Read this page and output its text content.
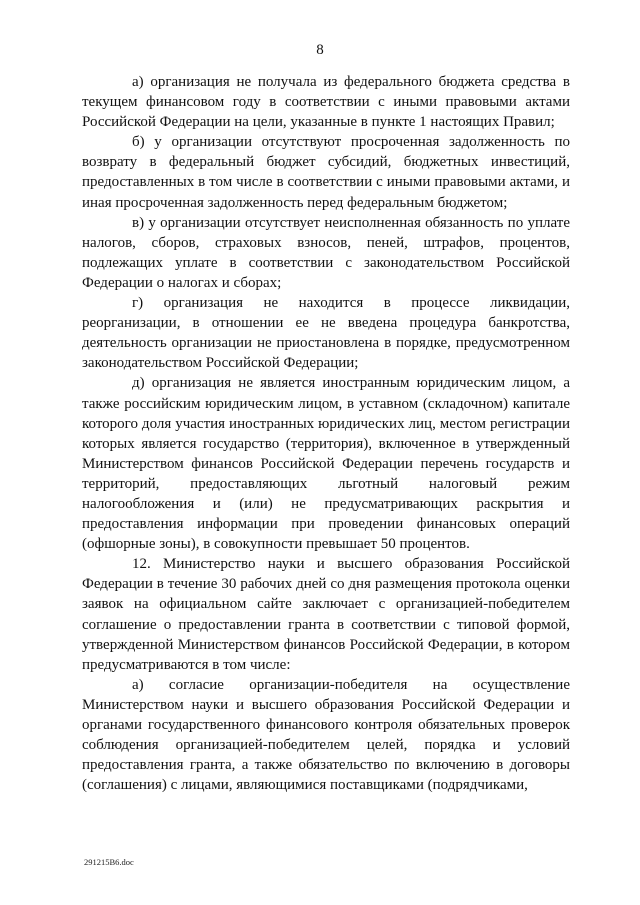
8

а) организация не получала из федерального бюджета средства в текущем финансовом году в соответствии с иными правовыми актами Российской Федерации на цели, указанные в пункте 1 настоящих Правил;

б) у организации отсутствуют просроченная задолженность по возврату в федеральный бюджет субсидий, бюджетных инвестиций, предоставленных в том числе в соответствии с иными правовыми актами, и иная просроченная задолженность перед федеральным бюджетом;

в) у организации отсутствует неисполненная обязанность по уплате налогов, сборов, страховых взносов, пеней, штрафов, процентов, подлежащих уплате в соответствии с законодательством Российской Федерации о налогах и сборах;

г) организация не находится в процессе ликвидации, реорганизации, в отношении ее не введена процедура банкротства, деятельность организации не приостановлена в порядке, предусмотренном законодательством Российской Федерации;

д) организация не является иностранным юридическим лицом, а также российским юридическим лицом, в уставном (складочном) капитале которого доля участия иностранных юридических лиц, местом регистрации которых является государство (территория), включенное в утвержденный Министерством финансов Российской Федерации перечень государств и территорий, предоставляющих льготный налоговый режим налогообложения и (или) не предусматривающих раскрытия и предоставления информации при проведении финансовых операций (офшорные зоны), в совокупности превышает 50 процентов.

12. Министерство науки и высшего образования Российской Федерации в течение 30 рабочих дней со дня размещения протокола оценки заявок на официальном сайте заключает с организацией-победителем соглашение о предоставлении гранта в соответствии с типовой формой, утвержденной Министерством финансов Российской Федерации, в котором предусматриваются в том числе:

а) согласие организации-победителя на осуществление Министерством науки и высшего образования Российской Федерации и органами государственного финансового контроля обязательных проверок соблюдения организацией-победителем целей, порядка и условий предоставления гранта, а также обязательство по включению в договоры (соглашения) с лицами, являющимися поставщиками (подрядчиками,

291215B6.doc
